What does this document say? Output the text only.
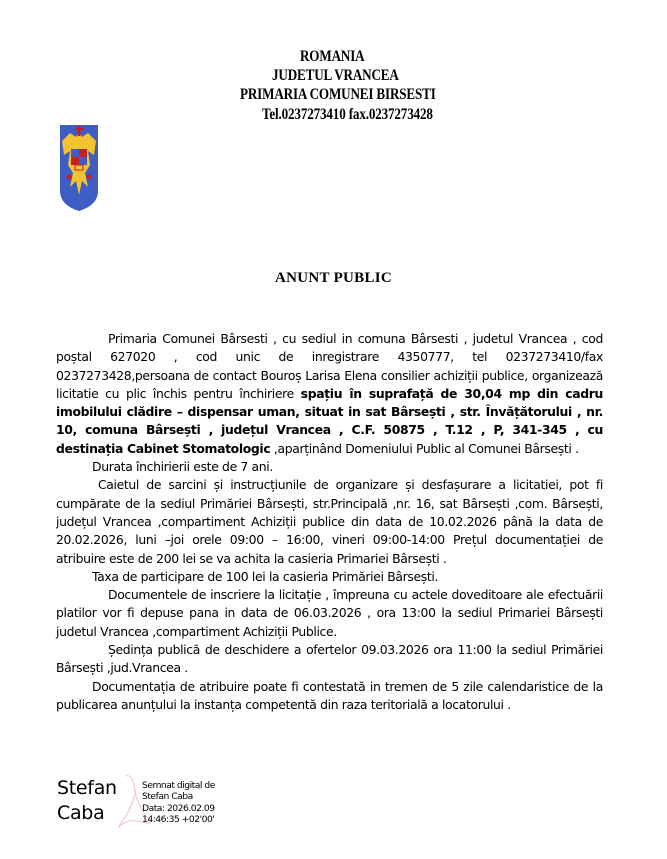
ROMANIA
JUDETUL VRANCEA
PRIMARIA COMUNEI BIRSESTI
Tel.0237273410 fax.0237273428
ANUNT PUBLIC

Primaria Comunei Bârsesti , cu sediul in comuna Bârsesti , judetul Vrancea , cod poștal 627020 , cod unic de inregistrare 4350777, tel 0237273410/fax 0237273428,persoana de contact Bouroș Larisa Elena consilier achiziții publice, organizează licitatie cu plic închis pentru închiriere spațiu în suprafață de 30,04 mp din cadru imobilului clădire – dispensar uman, situat in sat Bârsești , str. Învățătorului , nr. 10, comuna Bârsești , județul Vrancea , C.F. 50875 , T.12 , P, 341-345 , cu destinația Cabinet Stomatologic ,aparținând Domeniului Public al Comunei Bârsești .

Durata închirierii este de 7 ani.

Caietul de sarcini și instrucțiunile de organizare și desfașurare a licitatiei, pot fi cumpărate de la sediul Primăriei Bârsești, str.Principală ,nr. 16, sat Bârsești ,com. Bârsești, județul Vrancea ,compartiment Achiziții publice din data de 10.02.2026 până la data de 20.02.2026, luni –joi orele 09:00 – 16:00, vineri 09:00-14:00 Prețul documentației de atribuire este de 200 lei se va achita la casieria Primariei Bârsești .

Taxa de participare de 100 lei la casieria Primăriei Bârsești.

Documentele de inscriere la licitație , împreuna cu actele doveditoare ale efectuării platilor vor fi depuse pana in data de 06.03.2026 , ora 13:00 la sediul Primariei Bârsești judetul Vrancea ,compartiment Achiziții Publice.

Ședința publică de deschidere a ofertelor 09.03.2026 ora 11:00 la sediul Primăriei Bârsești ,jud.Vrancea .

Documentația de atribuire poate fi contestată in tremen de 5 zile calendaristice de la publicarea anunțului la instanța competentă din raza teritorială a locatorului .

Stefan
Caba
Semnat digital de
Stefan Caba
Data: 2026.02.09
14:46:35 +02'00'
